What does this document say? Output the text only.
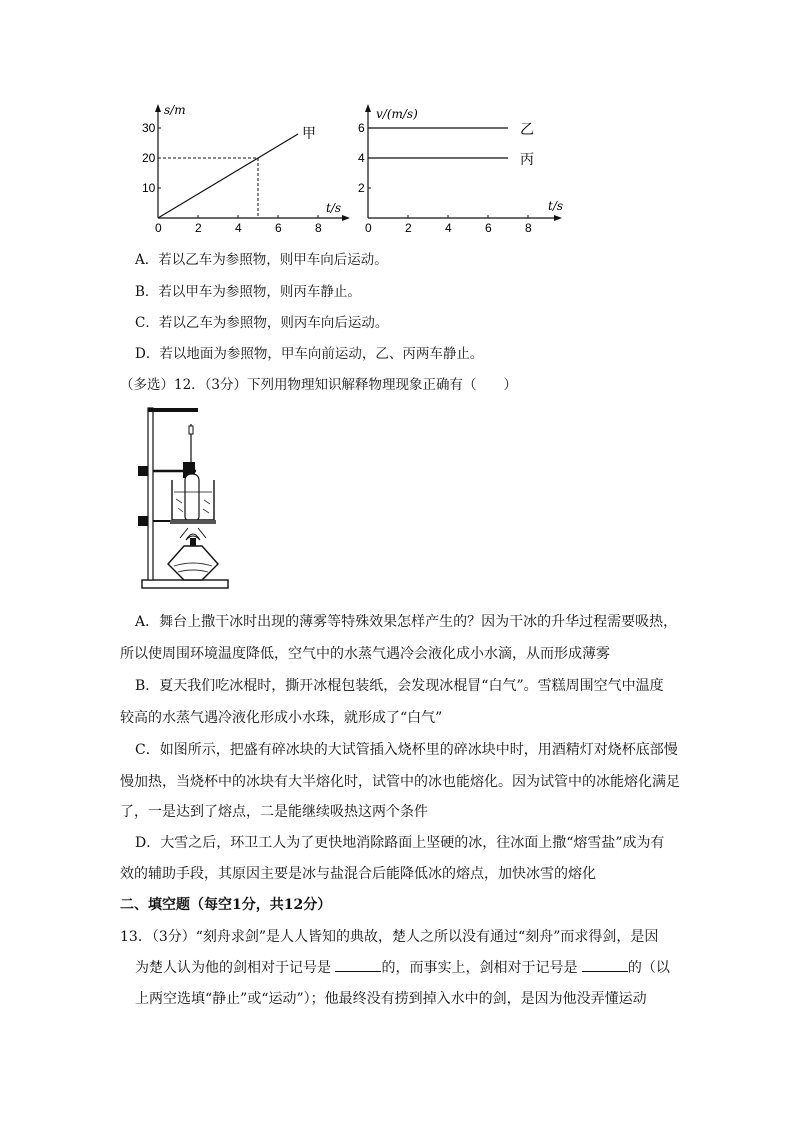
s/m
t/s
0	2	4	6	8
10
20
30	甲
v/(m/s)
t/s
0	2	4	6	8
2
4
6	乙
丙
A．若以乙车为参照物，则甲车向后运动。
B．若以甲车为参照物，则丙车静止。
C．若以乙车为参照物，则丙车向后运动。
D．若以地面为参照物，甲车向前运动，乙、丙两车静止。
（多选）12．（3分）下列用物理知识解释物理现象正确有（　　）
A．舞台上撒干冰时出现的薄雾等特殊效果怎样产生的？因为干冰的升华过程需要吸热，
所以使周围环境温度降低，空气中的水蒸气遇冷会液化成小水滴，从而形成薄雾
B．夏天我们吃冰棍时，撕开冰棍包装纸，会发现冰棍冒“白气”。雪糕周围空气中温度
较高的水蒸气遇冷液化形成小水珠，就形成了“白气”
C．如图所示，把盛有碎冰块的大试管插入烧杯里的碎冰块中时，用酒精灯对烧杯底部慢
慢加热，当烧杯中的冰块有大半熔化时，试管中的冰也能熔化。因为试管中的冰能熔化满足
了，一是达到了熔点，二是能继续吸热这两个条件
D．大雪之后，环卫工人为了更快地消除路面上坚硬的冰，往冰面上撒“熔雪盐”成为有
效的辅助手段，其原因主要是冰与盐混合后能降低冰的熔点，加快冰雪的熔化
二、填空题（每空1分，共12分）
13．（3分）“刻舟求剑”是人人皆知的典故，楚人之所以没有通过“刻舟”而求得剑，是因
为楚人认为他的剑相对于记号是	的，而事实上，剑相对于记号是	的（以
上两空选填“静止”或“运动”）；他最终没有捞到掉入水中的剑，是因为他没弄懂运动
